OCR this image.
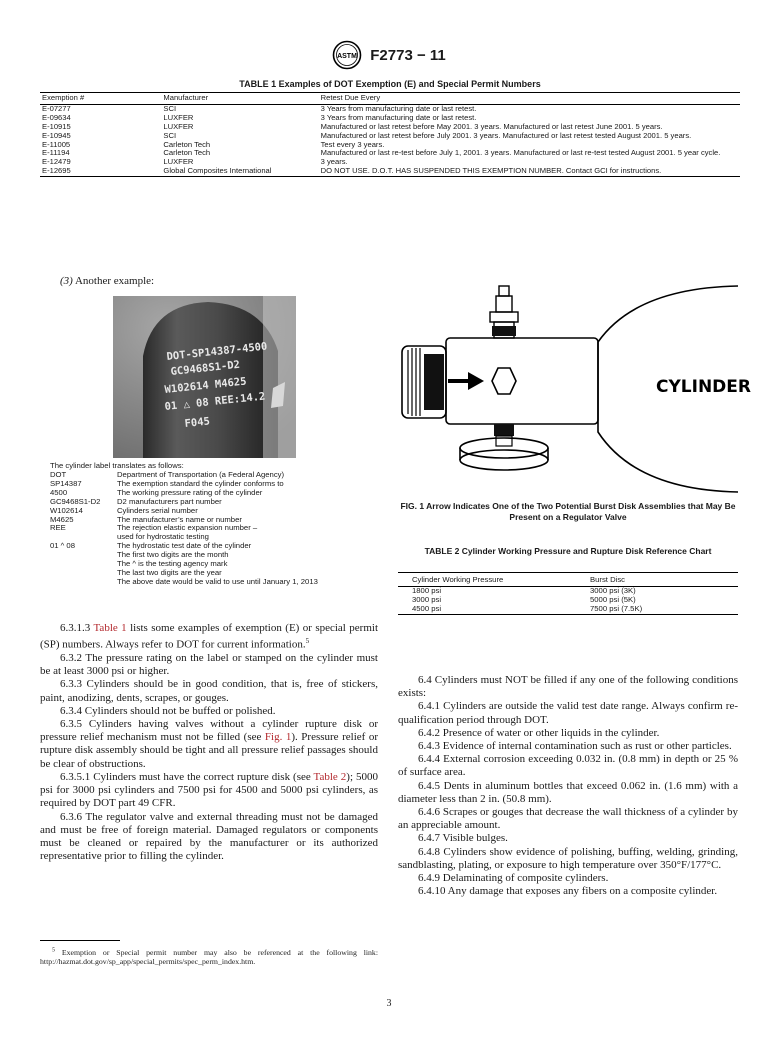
ASTM F2773 − 11
TABLE 1 Examples of DOT Exemption (E) and Special Permit Numbers
Exemption #	Manufacturer	Retest Due Every
E-07277	SCI	3 Years from manufacturing date or last retest.
E-09634	LUXFER	3 Years from manufacturing date or last retest.
E-10915	LUXFER	Manufactured or last retest before May 2001. 3 years. Manufactured or last retest June 2001. 5 years.
E-10945	SCI	Manufactured or last retest before July 2001. 3 years. Manufactured or last retest tested August 2001. 5 years.
E-11005	Carleton Tech	Test every 3 years.
E-11194	Carleton Tech	Manufactured or last re-test before July 1, 2001. 3 years. Manufactured or last re-test tested August 2001. 5 year cycle.
E-12479	LUXFER	3 years.
E-12695	Global Composites International	DO NOT USE. D.O.T. HAS SUSPENDED THIS EXEMPTION NUMBER. Contact GCI for instructions.
(3) Another example:
DOT-SP14387-4500
GC9468S1-D2
W102614 M4625
01 △ 08 REE:14.2
F045
The cylinder label translates as follows:
DOT	Department of Transportation (a Federal Agency)
SP14387	The exemption standard the cylinder conforms to
4500	The working pressure rating of the cylinder
GC9468S1-D2	D2 manufacturers part number
W102614	Cylinders serial number
M4625	The manufacturer’s name or number
REE	The rejection elastic expansion number –
	used for hydrostatic testing
01 ^ 08	The hydrostatic test date of the cylinder
	The first two digits are the month
	The ^ is the testing agency mark
	The last two digits are the year
	The above date would be valid to use until January 1, 2013

6.3.1.3 Table 1 lists some examples of exemption (E) or special permit (SP) numbers. Always refer to DOT for current information.$^5$

6.3.2 The pressure rating on the label or stamped on the cylinder must be at least 3000 psi or higher.

6.3.3 Cylinders should be in good condition, that is, free of stickers, paint, anodizing, dents, scrapes, or gouges.

6.3.4 Cylinders should not be buffed or polished.

6.3.5 Cylinders having valves without a cylinder rupture disk or pressure relief mechanism must not be filled (see Fig. 1). Pressure relief or rupture disk assembly should be tight and all pressure relief passages should be clear of obstructions.

6.3.5.1 Cylinders must have the correct rupture disk (see Table 2); 5000 psi for 3000 psi cylinders and 7500 psi for 4500 and 5000 psi cylinders, as required by DOT part 49 CFR.

6.3.6 The regulator valve and external threading must not be damaged and must be free of foreign material. Damaged regulators or components must be cleaned or repaired by the manufacturer or its authorized representative prior to filling the cylinder.

$^5$ Exemption or Special permit number may also be referenced at the following link: http://hazmat.dot.gov/sp_app/special_permits/spec_perm_index.htm.
CYLINDER
FIG. 1 Arrow Indicates One of the Two Potential Burst Disk Assemblies that May Be Present on a Regulator Valve
TABLE 2 Cylinder Working Pressure and Rupture Disk Reference Chart
Cylinder Working Pressure	Burst Disc
1800 psi	3000 psi (3K)
3000 psi	5000 psi (5K)
4500 psi	7500 psi (7.5K)

6.4 Cylinders must NOT be filled if any one of the following conditions exists:

6.4.1 Cylinders are outside the valid test date range. Always confirm re-qualification period through DOT.

6.4.2 Presence of water or other liquids in the cylinder.

6.4.3 Evidence of internal contamination such as rust or other particles.

6.4.4 External corrosion exceeding 0.032 in. (0.8 mm) in depth or 25 % of surface area.

6.4.5 Dents in aluminum bottles that exceed 0.062 in. (1.6 mm) with a diameter less than 2 in. (50.8 mm).

6.4.6 Scrapes or gouges that decrease the wall thickness of a cylinder by an appreciable amount.

6.4.7 Visible bulges.

6.4.8 Cylinders show evidence of polishing, buffing, welding, grinding, sandblasting, plating, or exposure to high temperature over 350°F/177°C.

6.4.9 Delaminating of composite cylinders.

6.4.10 Any damage that exposes any fibers on a composite cylinder.

3
